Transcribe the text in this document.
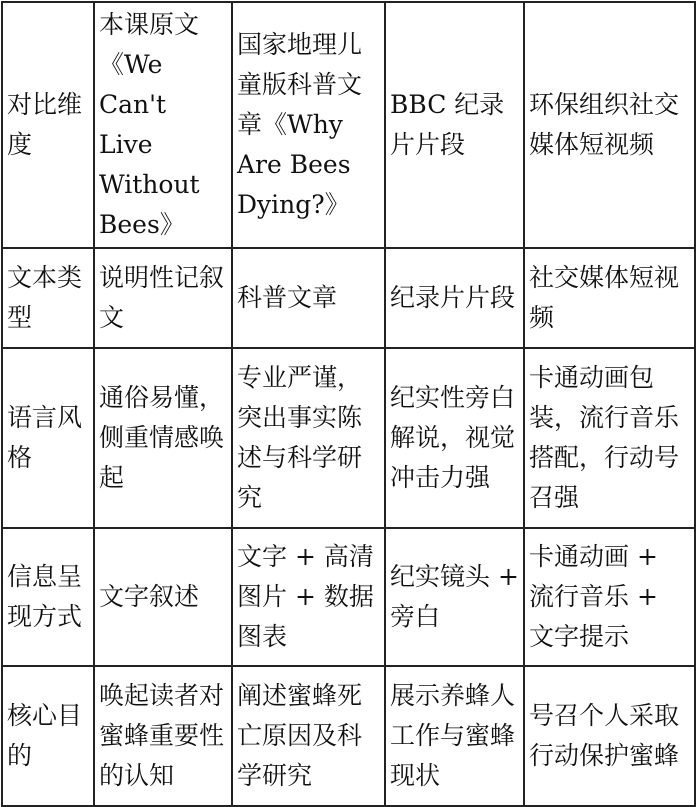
对比维度	本课原文《We Can't Live Without Bees》	国家地理儿童版科普文章《Why Are Bees Dying?》	BBC 纪录片片段	环保组织社交媒体短视频
文本类型	说明性记叙文	科普文章	纪录片片段	社交媒体短视频
语言风格	通俗易懂，侧重情感唤起	专业严谨，突出事实陈述与科学研究	纪实性旁白解说，视觉冲击力强	卡通动画包装，流行音乐搭配，行动号召强
信息呈现方式	文字叙述	文字 + 高清图片 + 数据图表	纪实镜头 + 旁白	卡通动画 + 流行音乐 + 文字提示
核心目的	唤起读者对蜜蜂重要性的认知	阐述蜜蜂死亡原因及科学研究	展示养蜂人工作与蜜蜂现状	号召个人采取行动保护蜜蜂
